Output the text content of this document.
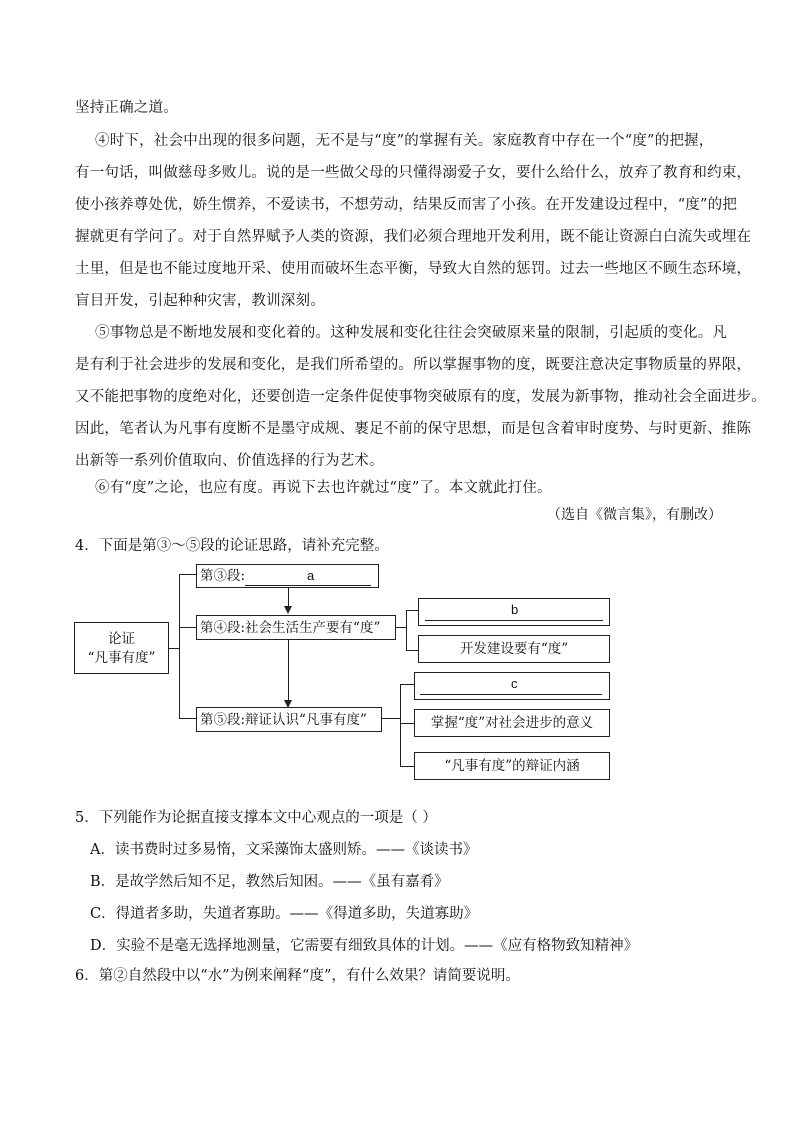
坚持正确之道。
④时下，社会中出现的很多问题，无不是与“度”的掌握有关。家庭教育中存在一个“度”的把握，
有一句话，叫做慈母多败儿。说的是一些做父母的只懂得溺爱子女，要什么给什么，放弃了教育和约束，
使小孩养尊处优，娇生惯养，不爱读书，不想劳动，结果反而害了小孩。在开发建设过程中，“度”的把
握就更有学问了。对于自然界赋予人类的资源，我们必须合理地开发利用，既不能让资源白白流失或埋在
土里，但是也不能过度地开采、使用而破坏生态平衡，导致大自然的惩罚。过去一些地区不顾生态环境，
盲目开发，引起种种灾害，教训深刻。
⑤事物总是不断地发展和变化着的。这种发展和变化往往会突破原来量的限制，引起质的变化。凡
是有利于社会进步的发展和变化，是我们所希望的。所以掌握事物的度，既要注意决定事物质量的界限，
又不能把事物的度绝对化，还要创造一定条件促使事物突破原有的度，发展为新事物，推动社会全面进步。
因此，笔者认为凡事有度断不是墨守成规、裹足不前的保守思想，而是包含着审时度势、与时更新、推陈
出新等一系列价值取向、价值选择的行为艺术。
⑥有“度”之论，也应有度。再说下去也许就过“度”了。本文就此打住。
（选自《微言集》，有删改）
4．下面是第③～⑤段的论证思路，请补充完整。
论证
“凡事有度”
第③段:	a
第④段:社会生活生产要有“度”
b
开发建设要有“度”
第⑤段:辩证认识“凡事有度”
c
掌握“度”对社会进步的意义
“凡事有度”的辩证内涵
5．下列能作为论据直接支撑本文中心观点的一项是（ ）
A．读书费时过多易惰，文采藻饰太盛则矫。——《谈读书》
B．是故学然后知不足，教然后知困。——《虽有嘉肴》
C．得道者多助，失道者寡助。——《得道多助，失道寡助》
D．实验不是毫无选择地测量，它需要有细致具体的计划。——《应有格物致知精神》
6．第②自然段中以“水”为例来阐释“度”，有什么效果？请简要说明。
